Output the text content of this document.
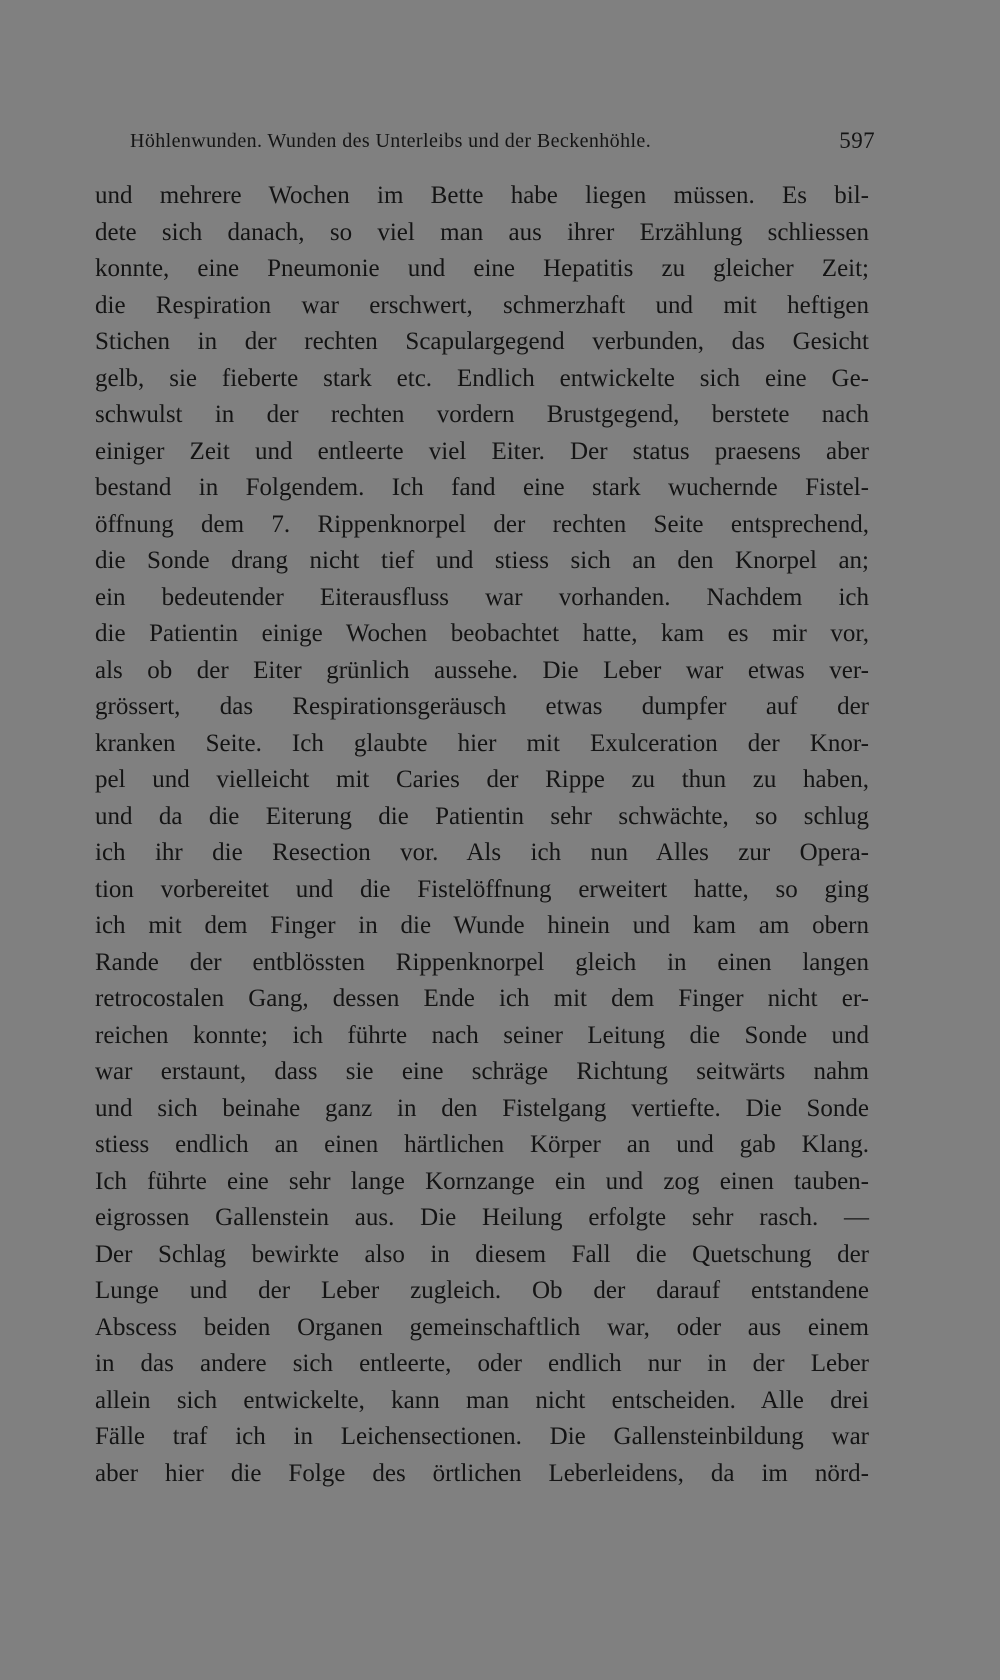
Höhlenwunden. Wunden des Unterleibs und der Beckenhöhle.	597
und mehrere Wochen im Bette habe liegen müssen. Es bil-
dete sich danach, so viel man aus ihrer Erzählung schliessen
konnte, eine Pneumonie und eine Hepatitis zu gleicher Zeit;
die Respiration war erschwert, schmerzhaft und mit heftigen
Stichen in der rechten Scapulargegend verbunden, das Gesicht
gelb, sie fieberte stark etc. Endlich entwickelte sich eine Ge-
schwulst in der rechten vordern Brustgegend, berstete nach
einiger Zeit und entleerte viel Eiter. Der status praesens aber
bestand in Folgendem. Ich fand eine stark wuchernde Fistel-
öffnung dem 7. Rippenknorpel der rechten Seite entsprechend,
die Sonde drang nicht tief und stiess sich an den Knorpel an;
ein bedeutender Eiterausfluss war vorhanden. Nachdem ich
die Patientin einige Wochen beobachtet hatte, kam es mir vor,
als ob der Eiter grünlich aussehe. Die Leber war etwas ver-
grössert, das Respirationsgeräusch etwas dumpfer auf der
kranken Seite. Ich glaubte hier mit Exulceration der Knor-
pel und vielleicht mit Caries der Rippe zu thun zu haben,
und da die Eiterung die Patientin sehr schwächte, so schlug
ich ihr die Resection vor. Als ich nun Alles zur Opera-
tion vorbereitet und die Fistelöffnung erweitert hatte, so ging
ich mit dem Finger in die Wunde hinein und kam am obern
Rande der entblössten Rippenknorpel gleich in einen langen
retrocostalen Gang, dessen Ende ich mit dem Finger nicht er-
reichen konnte; ich führte nach seiner Leitung die Sonde und
war erstaunt, dass sie eine schräge Richtung seitwärts nahm
und sich beinahe ganz in den Fistelgang vertiefte. Die Sonde
stiess endlich an einen härtlichen Körper an und gab Klang.
Ich führte eine sehr lange Kornzange ein und zog einen tauben-
eigrossen Gallenstein aus. Die Heilung erfolgte sehr rasch. —
Der Schlag bewirkte also in diesem Fall die Quetschung der
Lunge und der Leber zugleich. Ob der darauf entstandene
Abscess beiden Organen gemeinschaftlich war, oder aus einem
in das andere sich entleerte, oder endlich nur in der Leber
allein sich entwickelte, kann man nicht entscheiden. Alle drei
Fälle traf ich in Leichensectionen. Die Gallensteinbildung war
aber hier die Folge des örtlichen Leberleidens, da im nörd-
